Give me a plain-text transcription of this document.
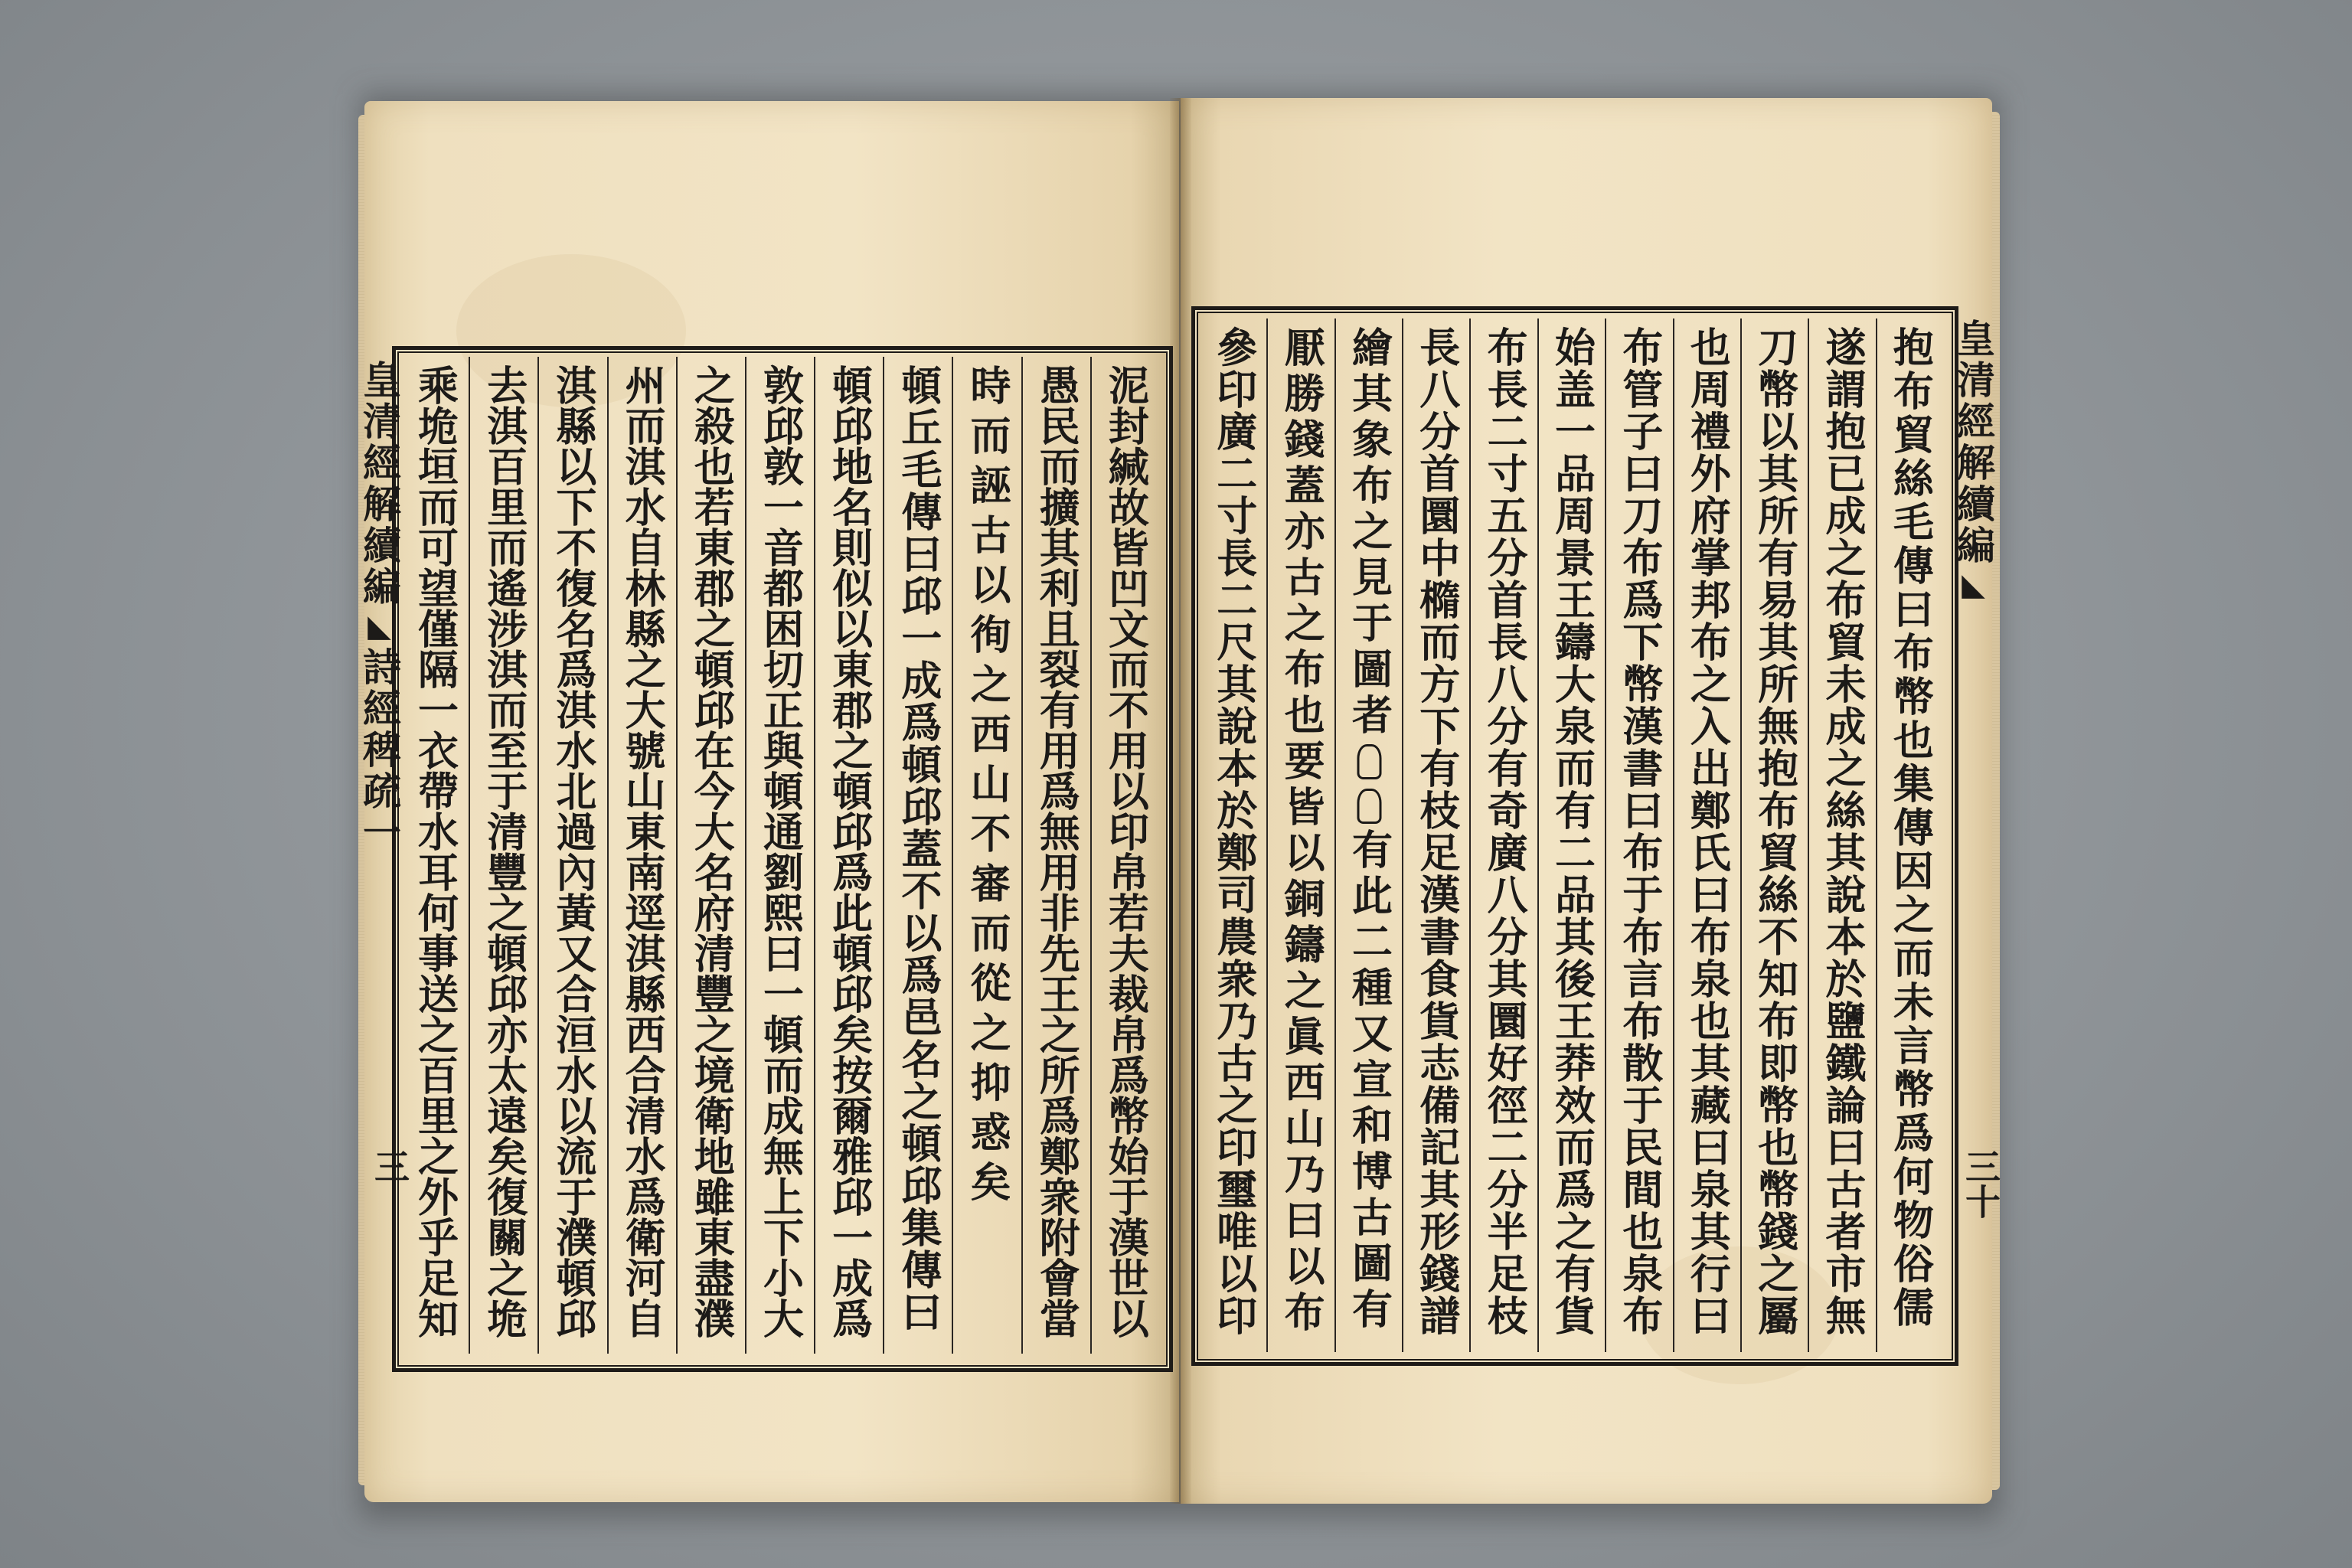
皇清經解續編◣詩經稗疏一
三	泥封緘故皆凹文而不用以印帛若夫裁帛爲幣始于漢世以
愚民而擴其利且裂有用爲無用非先王之所爲鄭衆附會當
時而誣古以徇之西山不審而從之抑惑矣
頓丘毛傳曰邱一成爲頓邱蓋不以爲邑名之頓邱集傳曰
頓邱地名則似以東郡之頓邱爲此頓邱矣按爾雅邱一成爲
敦邱敦一音都困切正與頓通劉熙曰一頓而成無上下小大
之殺也若東郡之頓邱在今大名府清豐之境衛地雖東盡濮
州而淇水自林縣之大號山東南逕淇縣西合清水爲衛河自
淇縣以下不復名爲淇水北過內黃又合洹水以流于濮頓邱
去淇百里而遙涉淇而至于清豐之頓邱亦太遠矣復關之垝
乘垝垣而可望僅隔一衣帶水耳何事送之百里之外乎足知	皇清經解續編◣
三十
抱布貿絲毛傳曰布幣也集傳因之而未言幣爲何物俗儒
遂謂抱已成之布貿未成之絲其說本於鹽鐵論曰古者市無
刀幣以其所有易其所無抱布貿絲不知布即幣也幣錢之屬
也周禮外府掌邦布之入出鄭氏曰布泉也其藏曰泉其行曰
布管子曰刀布爲下幣漢書曰布于布言布散于民間也泉布
始盖一品周景王鑄大泉而有二品其後王莽效而爲之有貨
布長二寸五分首長八分有奇廣八分其圜好徑二分半足枝
長八分首圜中橢而方下有枝足漢書食貨志備記其形錢譜
繪其象布之見于圖者有此二種又宣和博古圖有
厭勝錢蓋亦古之布也要皆以銅鑄之眞西山乃曰以布
參印廣二寸長二尺其說本於鄭司農衆乃古之印璽唯以印
